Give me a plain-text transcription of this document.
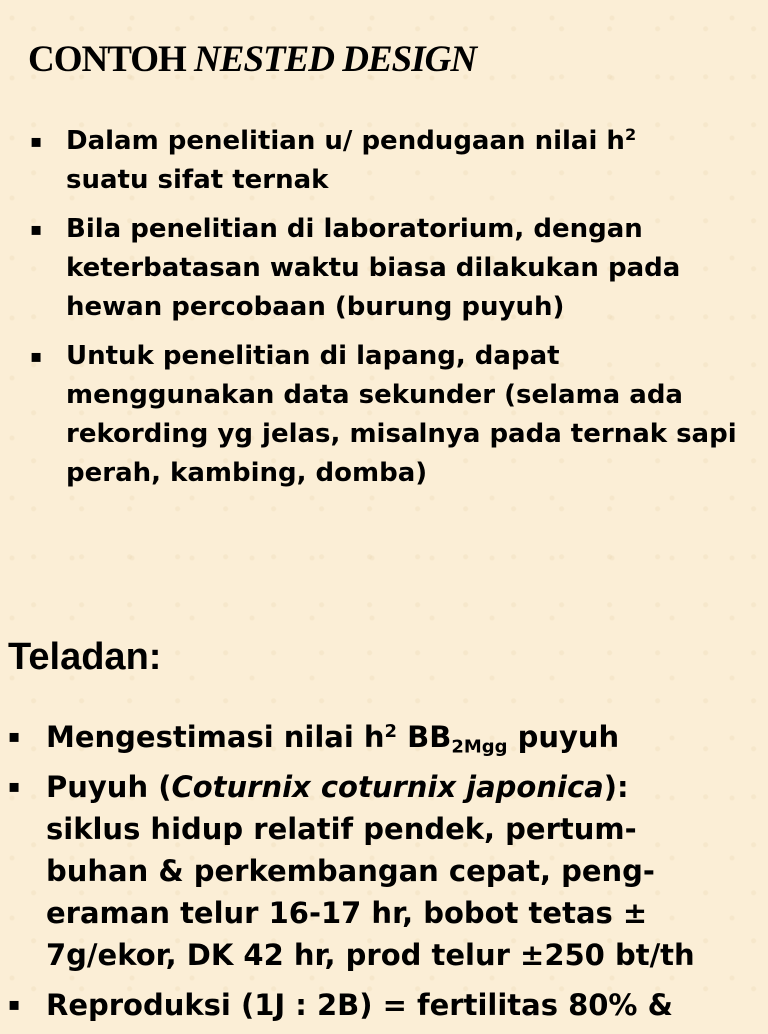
CONTOH NESTED DESIGN
▪ Dalam penelitian u/ pendugaan nilai $h^2$
suatu sifat ternak
▪ Bila penelitian di laboratorium, dengan keterbatasan waktu biasa dilakukan pada hewan percobaan (burung puyuh)
▪ Untuk penelitian di lapang, dapat menggunakan data sekunder (selama ada rekording yg jelas, misalnya pada ternak sapi perah, kambing, domba)
Teladan:
▪ Mengestimasi nilai $h^2$ $BB_{2Mgg}$ puyuh
▪ Puyuh (Coturnix coturnix japonica):
siklus hidup relatif pendek, pertum-
buhan & perkembangan cepat, peng-
eraman telur 16-17 hr, bobot tetas ±
7g/ekor, DK 42 hr, prod telur ±250 bt/th
▪ Reproduksi (1J : 2B) = fertilitas 80% &
